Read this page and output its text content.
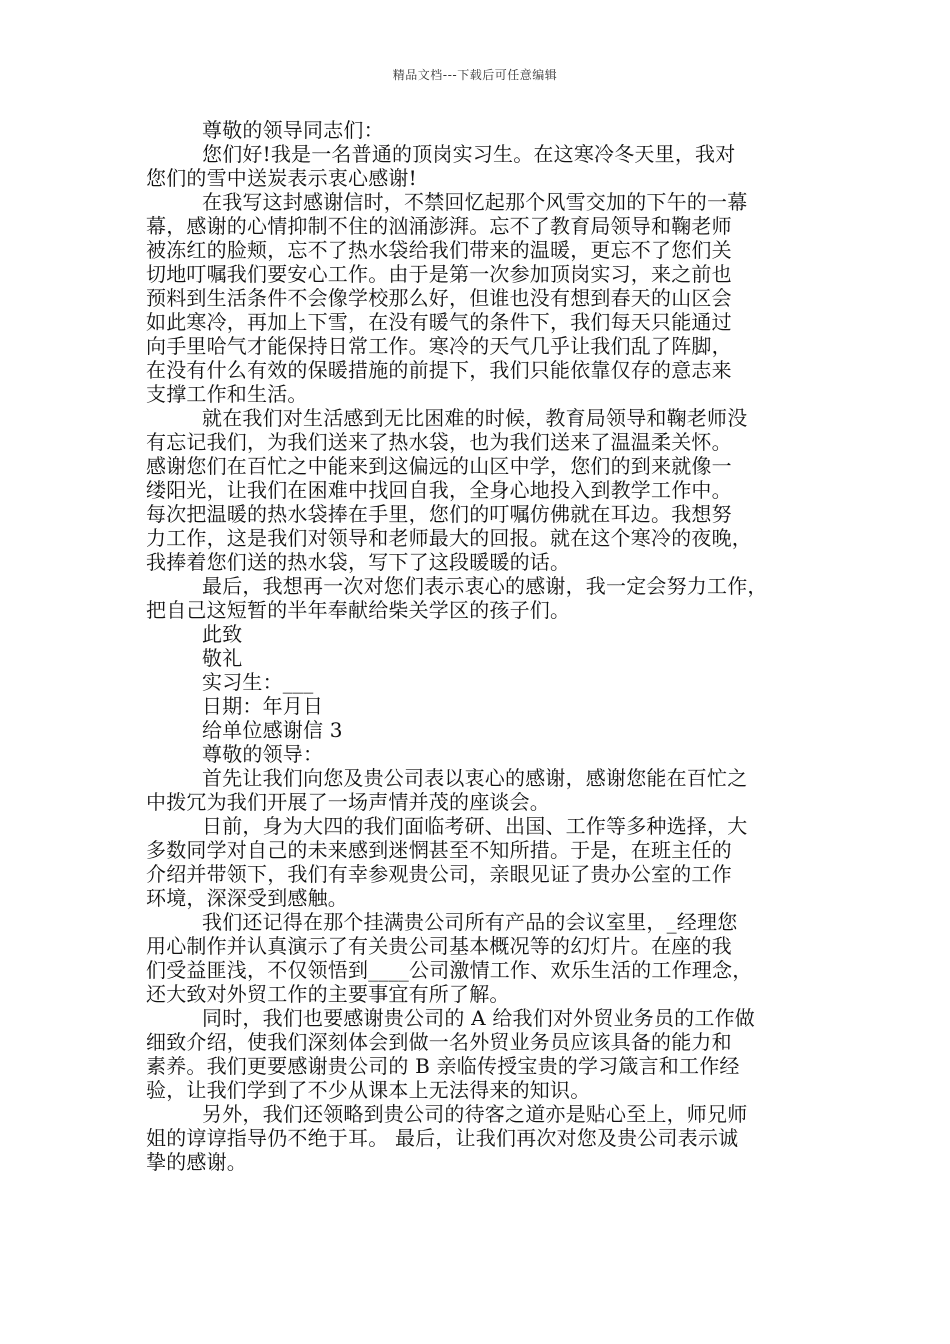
精品文档---下载后可任意编辑
尊敬的领导同志们：
您们好!我是一名普通的顶岗实习生。在这寒冷冬天里，我对
您们的雪中送炭表示衷心感谢!
在我写这封感谢信时，不禁回忆起那个风雪交加的下午的一幕
幕，感谢的心情抑制不住的汹涌澎湃。忘不了教育局领导和鞠老师
被冻红的脸颊，忘不了热水袋给我们带来的温暖，更忘不了您们关
切地叮嘱我们要安心工作。由于是第一次参加顶岗实习，来之前也
预料到生活条件不会像学校那么好，但谁也没有想到春天的山区会
如此寒冷，再加上下雪，在没有暖气的条件下，我们每天只能通过
向手里哈气才能保持日常工作。寒冷的天气几乎让我们乱了阵脚，
在没有什么有效的保暖措施的前提下，我们只能依靠仅存的意志来
支撑工作和生活。
就在我们对生活感到无比困难的时候，教育局领导和鞠老师没
有忘记我们，为我们送来了热水袋，也为我们送来了温温柔关怀。
感谢您们在百忙之中能来到这偏远的山区中学，您们的到来就像一
缕阳光，让我们在困难中找回自我，全身心地投入到教学工作中。
每次把温暖的热水袋捧在手里，您们的叮嘱仿佛就在耳边。我想努
力工作，这是我们对领导和老师最大的回报。就在这个寒冷的夜晚，
我捧着您们送的热水袋，写下了这段暖暖的话。
最后，我想再一次对您们表示衷心的感谢，我一定会努力工作，
把自己这短暂的半年奉献给柴关学区的孩子们。
此致
敬礼
实习生：___
日期：年月日
给单位感谢信 3
尊敬的领导：
首先让我们向您及贵公司表以衷心的感谢，感谢您能在百忙之
中拨冗为我们开展了一场声情并茂的座谈会。
日前，身为大四的我们面临考研、出国、工作等多种选择，大
多数同学对自己的未来感到迷惘甚至不知所措。于是，在班主任的
介绍并带领下，我们有幸参观贵公司，亲眼见证了贵办公室的工作
环境，深深受到感触。
我们还记得在那个挂满贵公司所有产品的会议室里，_经理您
用心制作并认真演示了有关贵公司基本概况等的幻灯片。在座的我
们受益匪浅，不仅领悟到____公司激情工作、欢乐生活的工作理念，
还大致对外贸工作的主要事宜有所了解。
同时，我们也要感谢贵公司的 A 给我们对外贸业务员的工作做
细致介绍，使我们深刻体会到做一名外贸业务员应该具备的能力和
素养。我们更要感谢贵公司的 B 亲临传授宝贵的学习箴言和工作经
验，让我们学到了不少从课本上无法得来的知识。
另外，我们还领略到贵公司的待客之道亦是贴心至上，师兄师
姐的谆谆指导仍不绝于耳。 最后，让我们再次对您及贵公司表示诚
挚的感谢。
